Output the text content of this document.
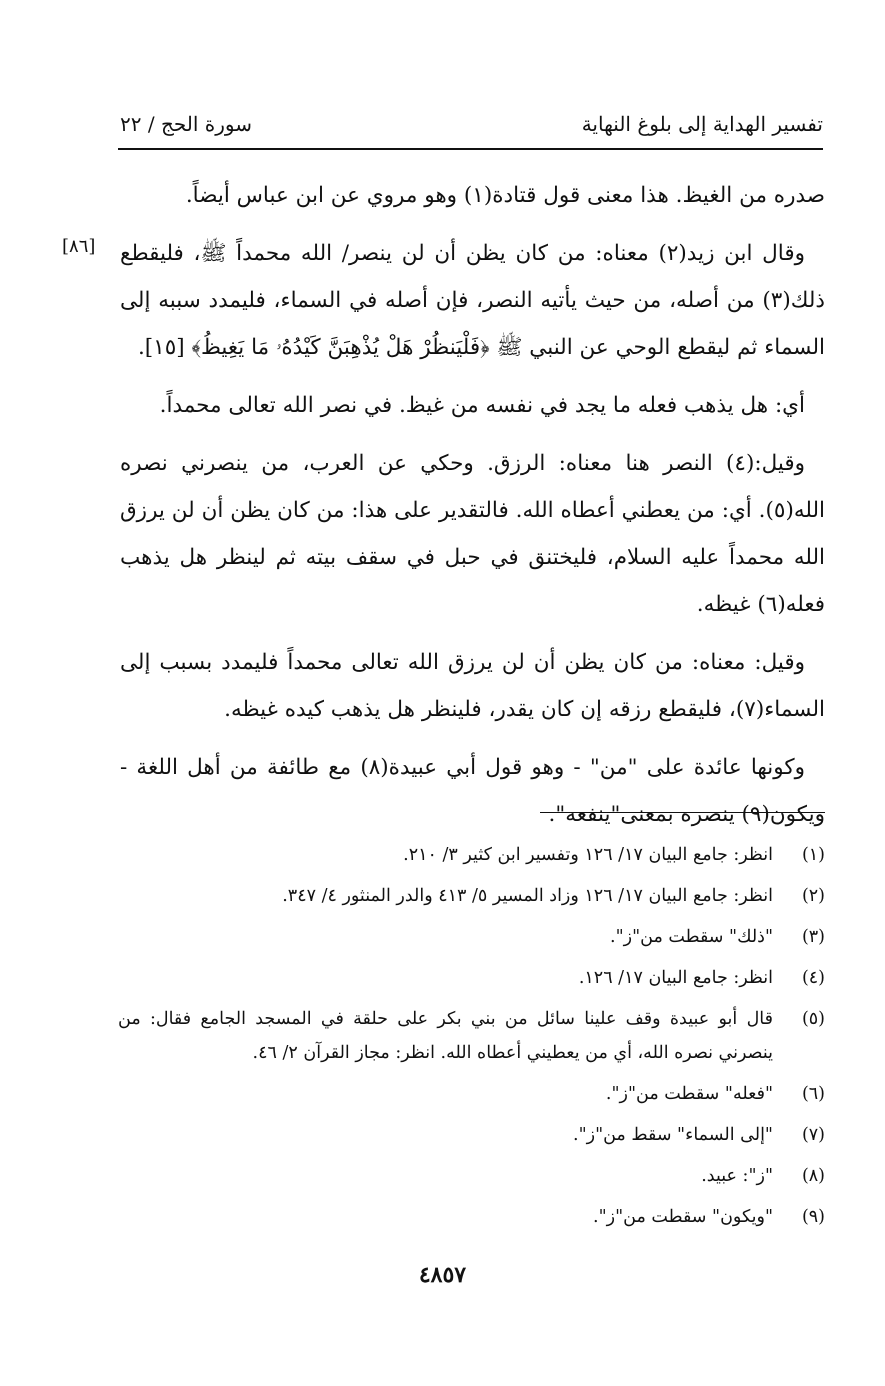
تفسير الهداية إلى بلوغ النهاية
سورة الحج / ٢٢
[٨٦]

صدره من الغيظ. هذا معنى قول قتادة(١) وهو مروي عن ابن عباس أيضاً.

وقال ابن زيد(٢) معناه: من كان يظن أن لن ينصر/ الله محمداً ﷺ، فليقطع ذلك(٣) من أصله، من حيث يأتيه النصر، فإن أصله في السماء، فليمدد سببه إلى السماء ثم ليقطع الوحي عن النبي ﷺ ﴿فَلْيَنظُرْ هَلْ يُذْهِبَنَّ كَيْدُهُۥ مَا يَغِيظُ﴾ [١٥].

أي: هل يذهب فعله ما يجد في نفسه من غيظ. في نصر الله تعالى محمداً.

وقيل:(٤) النصر هنا معناه: الرزق. وحكي عن العرب، من ينصرني نصره الله(٥). أي: من يعطني أعطاه الله. فالتقدير على هذا: من كان يظن أن لن يرزق الله محمداً عليه السلام، فليختنق في حبل في سقف بيته ثم لينظر هل يذهب فعله(٦) غيظه.

وقيل: معناه: من كان يظن أن لن يرزق الله تعالى محمداً فليمدد بسبب إلى السماء(٧)، فليقطع رزقه إن كان يقدر، فلينظر هل يذهب كيده غيظه.

وكونها عائدة على "من" - وهو قول أبي عبيدة(٨) مع طائفة من أهل اللغة - ويكون(٩) ينصره بمعنى"ينفعه".

(١)
انظر: جامع البيان ١٧/ ١٢٦ وتفسير ابن كثير ٣/ ٢١٠.
(٢)
انظر: جامع البيان ١٧/ ١٢٦ وزاد المسير ٥/ ٤١٣ والدر المنثور ٤/ ٣٤٧.
(٣)
"ذلك" سقطت من"ز".
(٤)
انظر: جامع البيان ١٧/ ١٢٦.
(٥)
قال أبو عبيدة وقف علينا سائل من بني بكر على حلقة في المسجد الجامع فقال: من ينصرني نصره الله، أي من يعطيني أعطاه الله. انظر: مجاز القرآن ٢/ ٤٦.
(٦)
"فعله" سقطت من"ز".
(٧)
"إلى السماء" سقط من"ز".
(٨)
"ز": عبيد.
(٩)
"ويكون" سقطت من"ز".
٤٨٥٧
